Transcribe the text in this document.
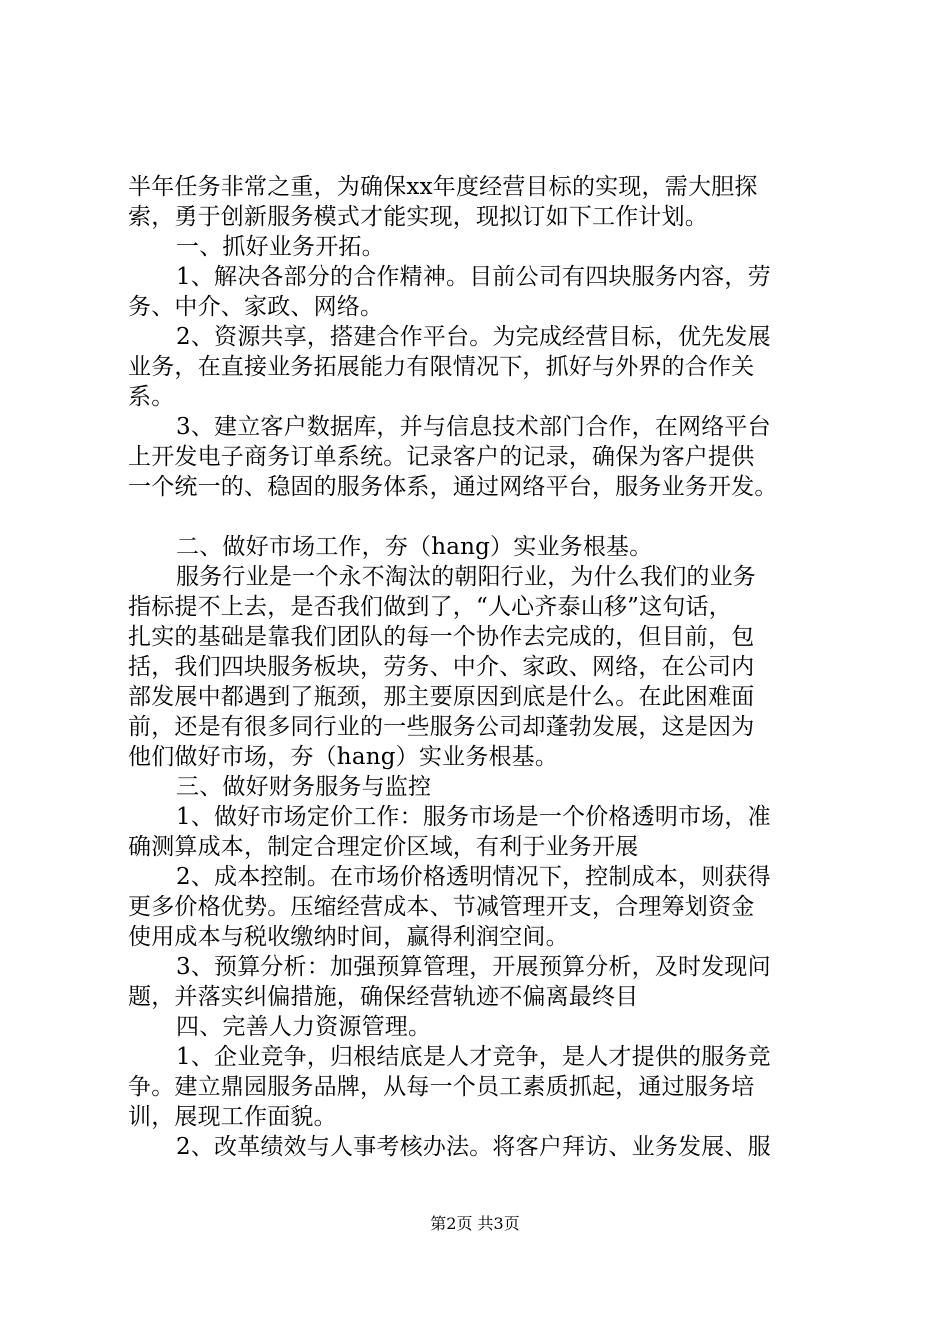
半年任务非常之重，为确保xx年度经营目标的实现，需大胆探
索，勇于创新服务模式才能实现，现拟订如下工作计划。
一、抓好业务开拓。
1、解决各部分的合作精神。目前公司有四块服务内容，劳
务、中介、家政、网络。
2、资源共享，搭建合作平台。为完成经营目标，优先发展
业务，在直接业务拓展能力有限情况下，抓好与外界的合作关
系。
3、建立客户数据库，并与信息技术部门合作，在网络平台
上开发电子商务订单系统。记录客户的记录，确保为客户提供
一个统一的、稳固的服务体系，通过网络平台，服务业务开发。
二、做好市场工作，夯（hang）实业务根基。
服务行业是一个永不淘汰的朝阳行业，为什么我们的业务
指标提不上去，是否我们做到了，“人心齐泰山移”这句话，
扎实的基础是靠我们团队的每一个协作去完成的，但目前，包
括，我们四块服务板块，劳务、中介、家政、网络，在公司内
部发展中都遇到了瓶颈，那主要原因到底是什么。在此困难面
前，还是有很多同行业的一些服务公司却蓬勃发展，这是因为
他们做好市场，夯（hang）实业务根基。
三、做好财务服务与监控
1、做好市场定价工作：服务市场是一个价格透明市场，准
确测算成本，制定合理定价区域，有利于业务开展
2、成本控制。在市场价格透明情况下，控制成本，则获得
更多价格优势。压缩经营成本、节减管理开支，合理筹划资金
使用成本与税收缴纳时间，赢得利润空间。
3、预算分析：加强预算管理，开展预算分析，及时发现问
题，并落实纠偏措施，确保经营轨迹不偏离最终目
四、完善人力资源管理。
1、企业竞争，归根结底是人才竞争，是人才提供的服务竞
争。建立鼎园服务品牌，从每一个员工素质抓起，通过服务培
训，展现工作面貌。
2、改革绩效与人事考核办法。将客户拜访、业务发展、服
第2页 共3页
